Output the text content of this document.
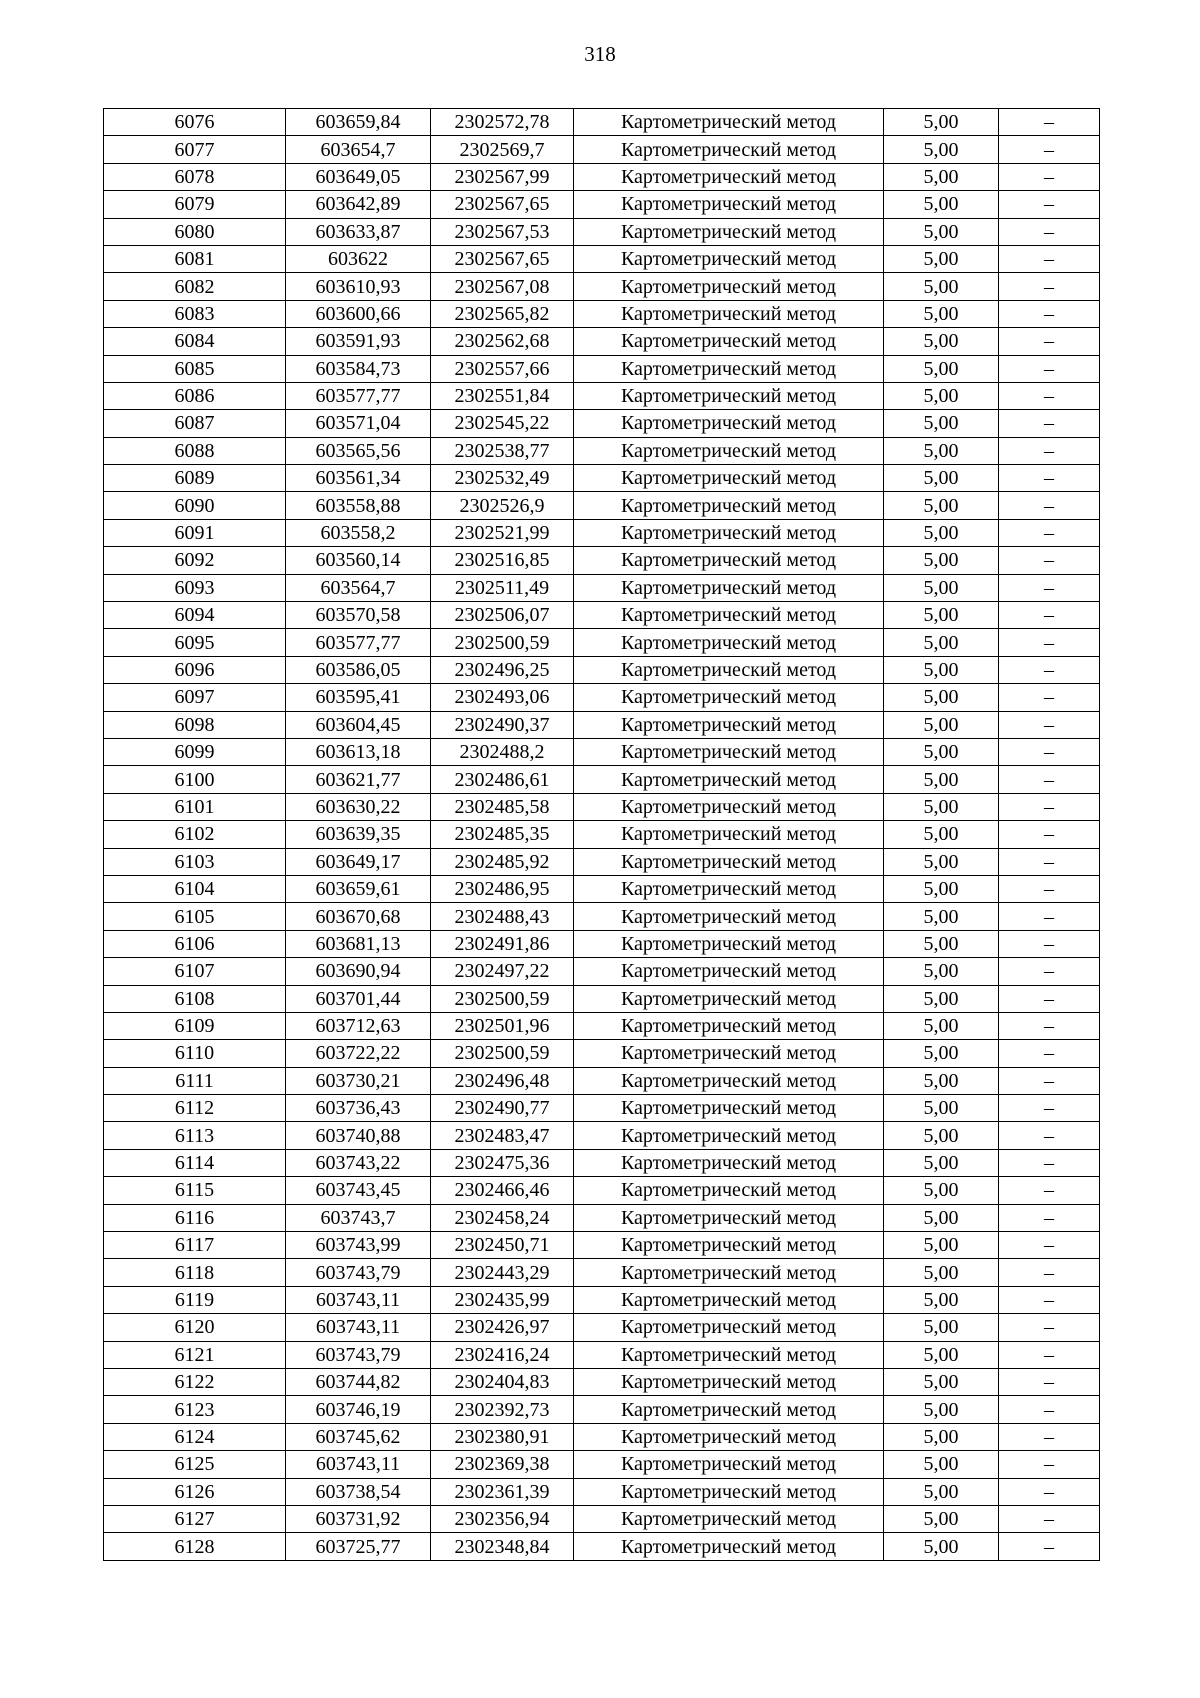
318
6076	603659,84	2302572,78	Картометрический метод	5,00	–
6077	603654,7	2302569,7	Картометрический метод	5,00	–
6078	603649,05	2302567,99	Картометрический метод	5,00	–
6079	603642,89	2302567,65	Картометрический метод	5,00	–
6080	603633,87	2302567,53	Картометрический метод	5,00	–
6081	603622	2302567,65	Картометрический метод	5,00	–
6082	603610,93	2302567,08	Картометрический метод	5,00	–
6083	603600,66	2302565,82	Картометрический метод	5,00	–
6084	603591,93	2302562,68	Картометрический метод	5,00	–
6085	603584,73	2302557,66	Картометрический метод	5,00	–
6086	603577,77	2302551,84	Картометрический метод	5,00	–
6087	603571,04	2302545,22	Картометрический метод	5,00	–
6088	603565,56	2302538,77	Картометрический метод	5,00	–
6089	603561,34	2302532,49	Картометрический метод	5,00	–
6090	603558,88	2302526,9	Картометрический метод	5,00	–
6091	603558,2	2302521,99	Картометрический метод	5,00	–
6092	603560,14	2302516,85	Картометрический метод	5,00	–
6093	603564,7	2302511,49	Картометрический метод	5,00	–
6094	603570,58	2302506,07	Картометрический метод	5,00	–
6095	603577,77	2302500,59	Картометрический метод	5,00	–
6096	603586,05	2302496,25	Картометрический метод	5,00	–
6097	603595,41	2302493,06	Картометрический метод	5,00	–
6098	603604,45	2302490,37	Картометрический метод	5,00	–
6099	603613,18	2302488,2	Картометрический метод	5,00	–
6100	603621,77	2302486,61	Картометрический метод	5,00	–
6101	603630,22	2302485,58	Картометрический метод	5,00	–
6102	603639,35	2302485,35	Картометрический метод	5,00	–
6103	603649,17	2302485,92	Картометрический метод	5,00	–
6104	603659,61	2302486,95	Картометрический метод	5,00	–
6105	603670,68	2302488,43	Картометрический метод	5,00	–
6106	603681,13	2302491,86	Картометрический метод	5,00	–
6107	603690,94	2302497,22	Картометрический метод	5,00	–
6108	603701,44	2302500,59	Картометрический метод	5,00	–
6109	603712,63	2302501,96	Картометрический метод	5,00	–
6110	603722,22	2302500,59	Картометрический метод	5,00	–
6111	603730,21	2302496,48	Картометрический метод	5,00	–
6112	603736,43	2302490,77	Картометрический метод	5,00	–
6113	603740,88	2302483,47	Картометрический метод	5,00	–
6114	603743,22	2302475,36	Картометрический метод	5,00	–
6115	603743,45	2302466,46	Картометрический метод	5,00	–
6116	603743,7	2302458,24	Картометрический метод	5,00	–
6117	603743,99	2302450,71	Картометрический метод	5,00	–
6118	603743,79	2302443,29	Картометрический метод	5,00	–
6119	603743,11	2302435,99	Картометрический метод	5,00	–
6120	603743,11	2302426,97	Картометрический метод	5,00	–
6121	603743,79	2302416,24	Картометрический метод	5,00	–
6122	603744,82	2302404,83	Картометрический метод	5,00	–
6123	603746,19	2302392,73	Картометрический метод	5,00	–
6124	603745,62	2302380,91	Картометрический метод	5,00	–
6125	603743,11	2302369,38	Картометрический метод	5,00	–
6126	603738,54	2302361,39	Картометрический метод	5,00	–
6127	603731,92	2302356,94	Картометрический метод	5,00	–
6128	603725,77	2302348,84	Картометрический метод	5,00	–
